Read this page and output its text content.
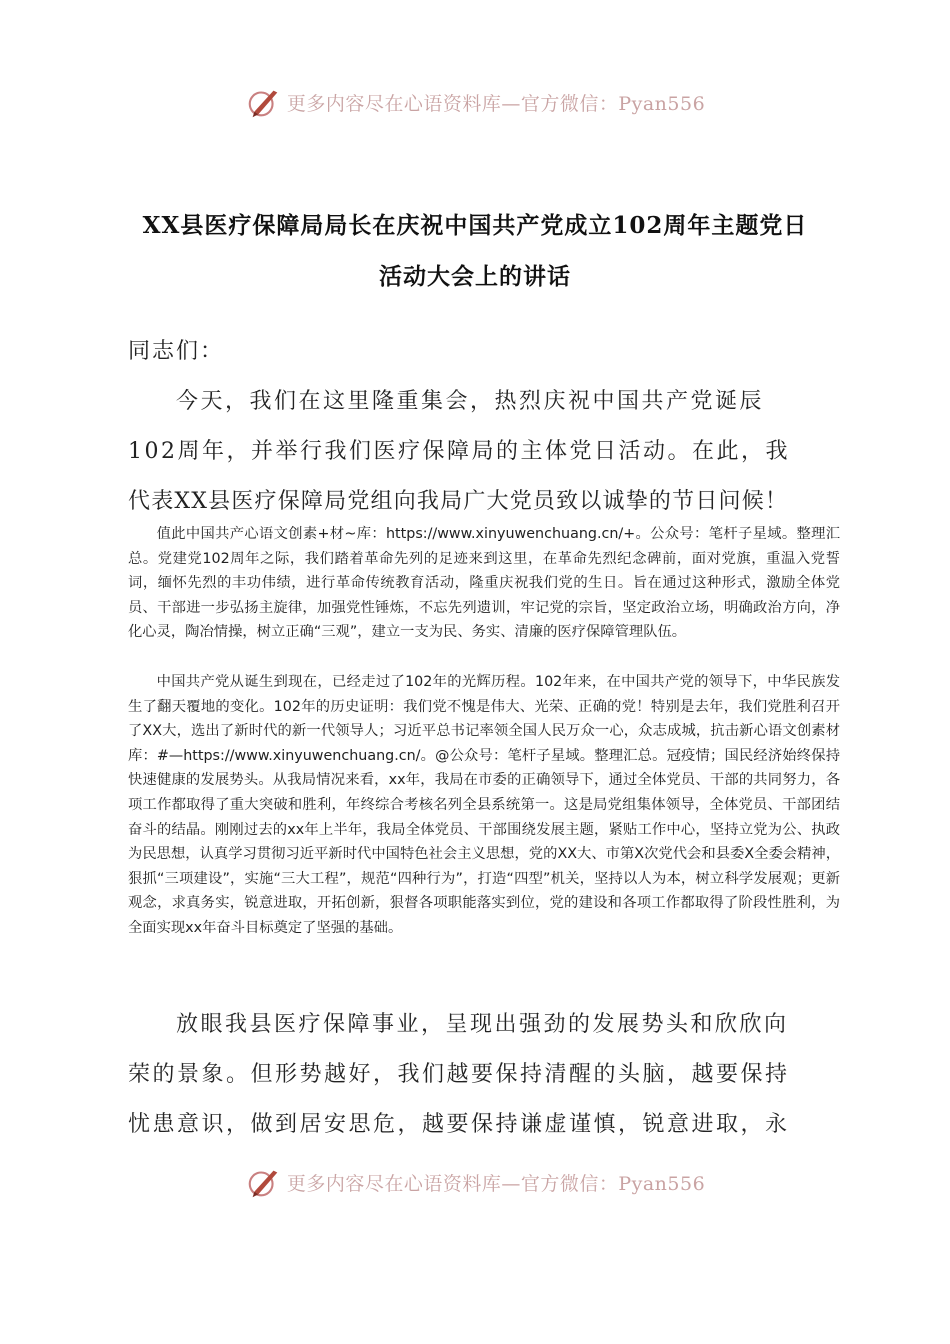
更多内容尽在心语资料库—官方微信：Pyan556
XX县医疗保障局局长在庆祝中国共产党成立102周年主题党日
活动大会上的讲话
同志们：
今天，我们在这里隆重集会，热烈庆祝中国共产党诞辰
102周年，并举行我们医疗保障局的主体党日活动。在此，我
代表XX县医疗保障局党组向我局广大党员致以诚挚的节日问候！
值此中国共产心语文创素+材~库：https://www.xinyuwenchuang.cn/+。公众号：笔杆子星域。整理汇总。党建党102周年之际，我们踏着革命先列的足迹来到这里，在革命先烈纪念碑前，面对党旗，重温入党誓词，缅怀先烈的丰功伟绩，进行革命传统教育活动，隆重庆祝我们党的生日。旨在通过这种形式，激励全体党员、干部进一步弘扬主旋律，加强党性锤炼，不忘先列遗训，牢记党的宗旨，坚定政治立场，明确政治方向，净化心灵，陶冶情操，树立正确“三观”，建立一支为民、务实、清廉的医疗保障管理队伍。
中国共产党从诞生到现在，已经走过了102年的光辉历程。102年来，在中国共产党的领导下，中华民族发生了翻天覆地的变化。102年的历史证明：我们党不愧是伟大、光荣、正确的党！特别是去年，我们党胜利召开了XX大，选出了新时代的新一代领导人；习近平总书记率领全国人民万众一心，众志成城，抗击新心语文创素材库：#—https://www.xinyuwenchuang.cn/。@公众号：笔杆子星域。整理汇总。冠疫情；国民经济始终保持快速健康的发展势头。从我局情况来看，xx年，我局在市委的正确领导下，通过全体党员、干部的共同努力，各项工作都取得了重大突破和胜利，年终综合考核名列全县系统第一。这是局党组集体领导，全体党员、干部团结奋斗的结晶。刚刚过去的xx年上半年，我局全体党员、干部围绕发展主题，紧贴工作中心，坚持立党为公、执政为民思想，认真学习贯彻习近平新时代中国特色社会主义思想，党的XX大、市第X次党代会和县委X全委会精神，狠抓“三项建设”，实施“三大工程”，规范“四种行为”，打造“四型”机关，坚持以人为本，树立科学发展观；更新观念，求真务实，锐意进取，开拓创新，狠督各项职能落实到位，党的建设和各项工作都取得了阶段性胜利，为全面实现xx年奋斗目标奠定了坚强的基础。
放眼我县医疗保障事业，呈现出强劲的发展势头和欣欣向
荣的景象。但形势越好，我们越要保持清醒的头脑，越要保持
忧患意识，做到居安思危，越要保持谦虚谨慎，锐意进取，永
更多内容尽在心语资料库—官方微信：Pyan556
